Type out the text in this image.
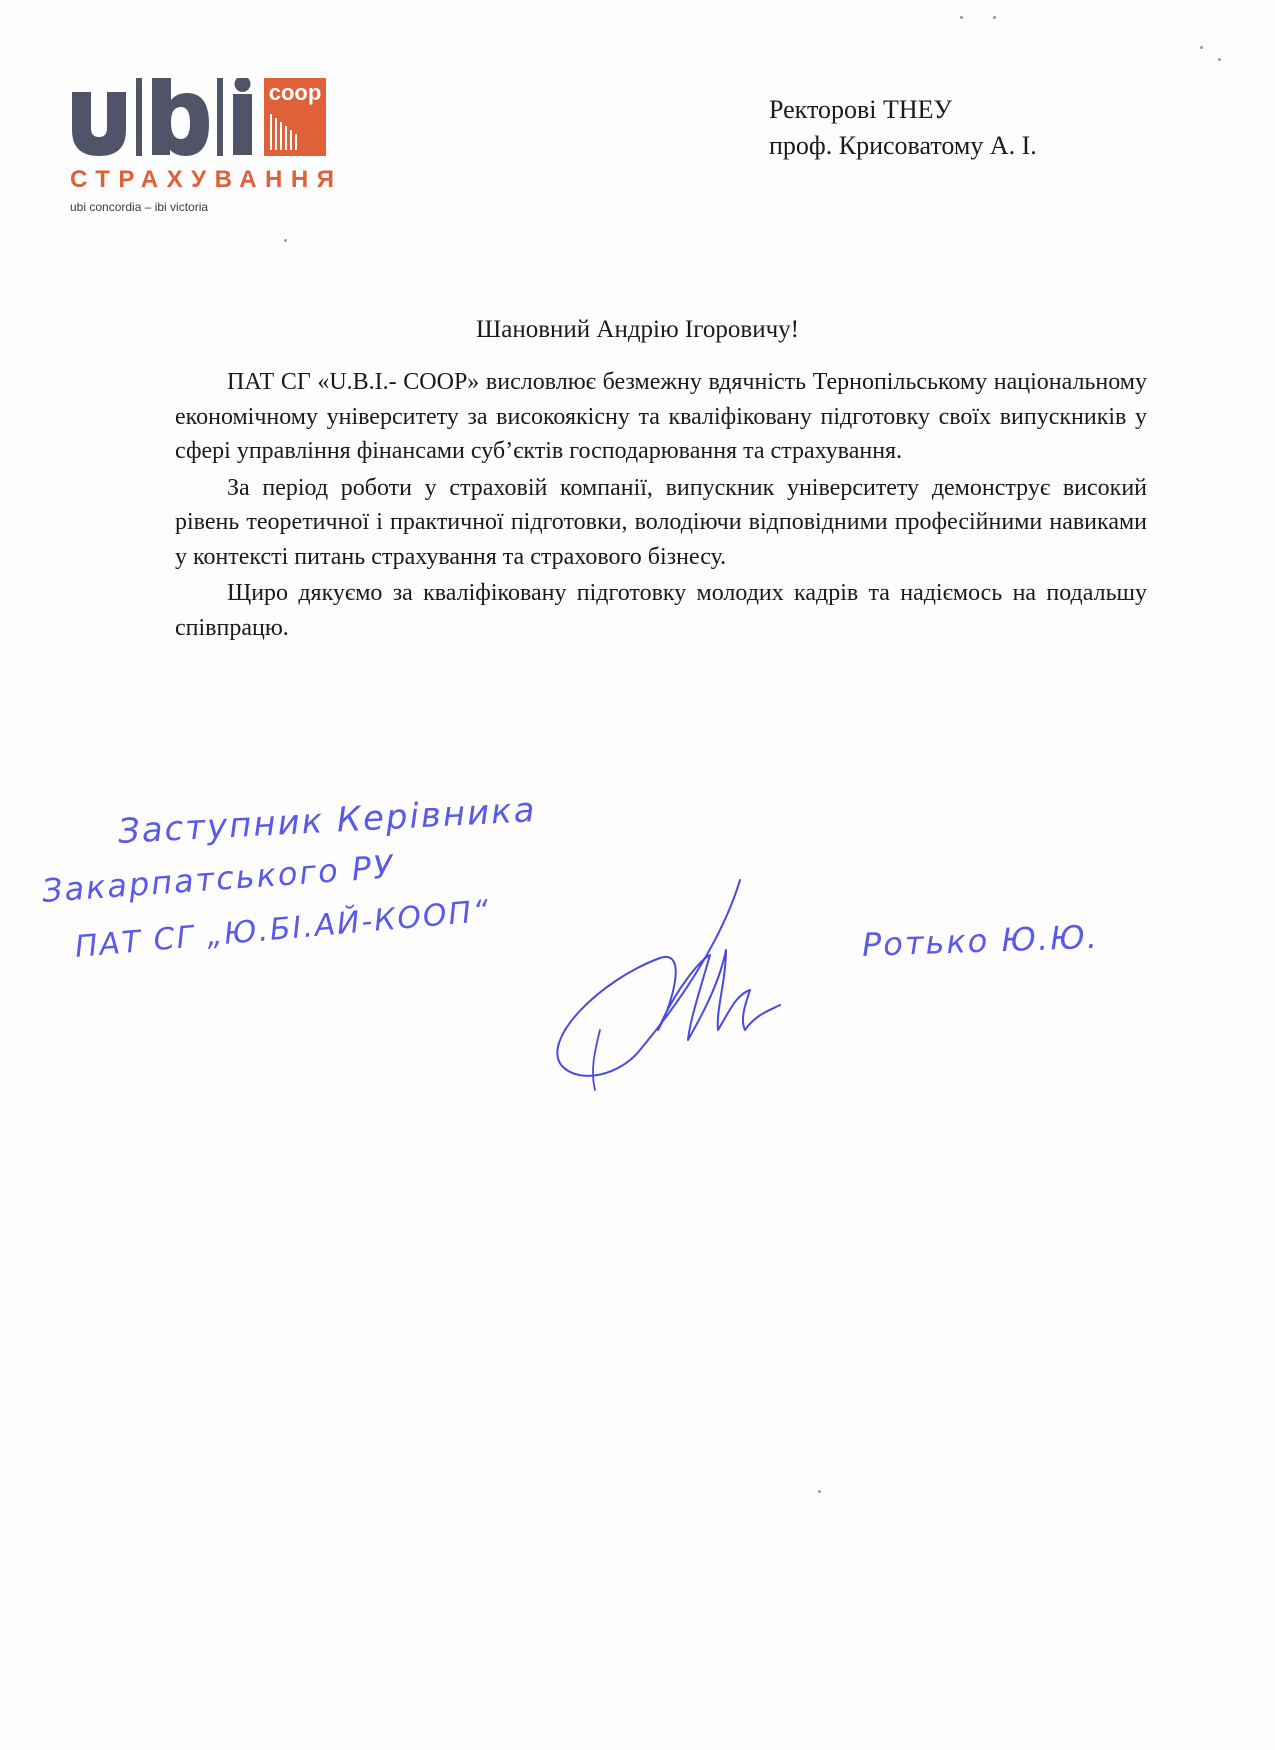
coop
СТРАХУВАННЯ
ubi concordia – ibi victoria
Ректорові ТНЕУ
проф. Крисоватому А. І.
Шановний Андрію Ігоровичу!

ПАТ СГ «U.B.I.- COOP» висловлює безмежну вдячність Тернопільському національному економічному університету за високоякісну та кваліфіковану підготовку своїх випускників у сфері управління фінансами суб’єктів господарювання та страхування.

За період роботи у страховій компанії, випускник університету демонструє високий рівень теоретичної і практичної підготовки, володіючи відповідними професійними навиками у контексті питань страхування та страхового бізнесу.

Щиро дякуємо за кваліфіковану підготовку молодих кадрів та надіємось на подальшу співпрацю.

Заступник Керівника
Закарпатського РУ
ПАТ СГ „Ю.БІ.АЙ-КООП“	Ротько Ю.Ю.
